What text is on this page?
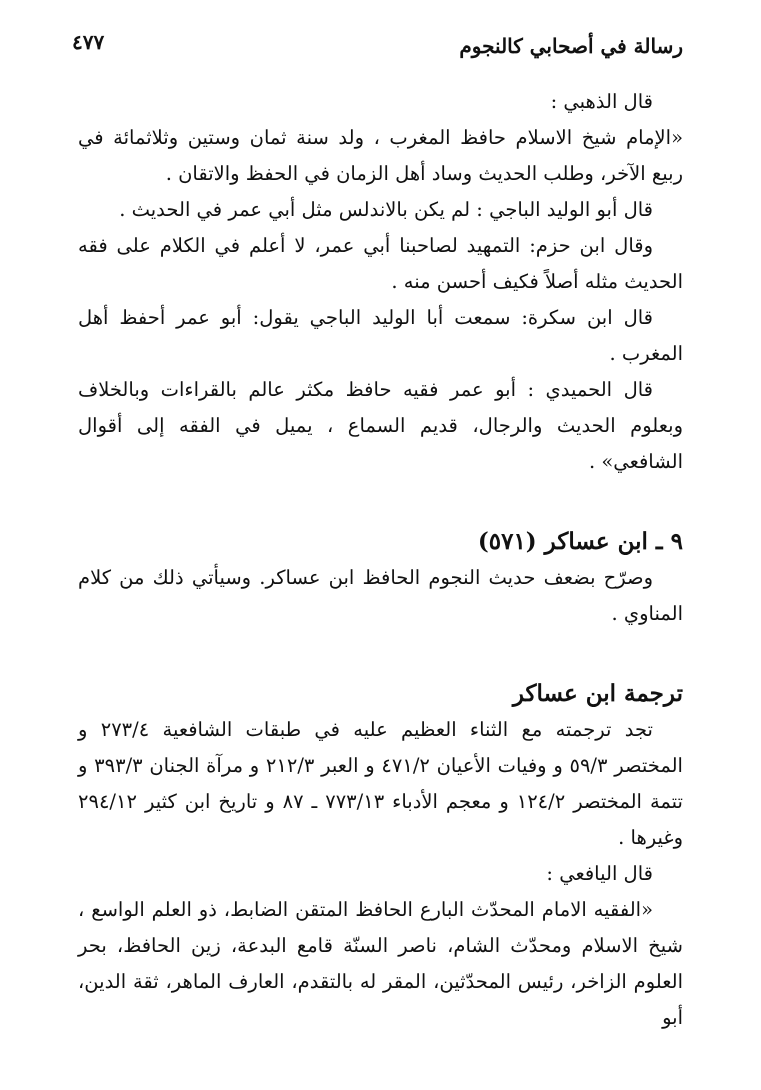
رسالة في أصحابي كالنجوم
٤٧٧

قال الذهبي :

«الإمام شيخ الاسلام حافظ المغرب ، ولد سنة ثمان وستين وثلاثمائة في ربيع الآخر، وطلب الحديث وساد أهل الزمان في الحفظ والاتقان .

قال أبو الوليد الباجي : لم يكن بالاندلس مثل أبي عمر في الحديث .

وقال ابن حزم: التمهيد لصاحبنا أبي عمر، لا أعلم في الكلام على فقه الحديث مثله أصلاً فكيف أحسن منه .

قال ابن سكرة: سمعت أبا الوليد الباجي يقول: أبو عمر أحفظ أهل المغرب .

قال الحميدي : أبو عمر فقيه حافظ مكثر عالم بالقراءات وبالخلاف وبعلوم الحديث والرجال، قديم السماع ، يميل في الفقه إلى أقوال الشافعي» .

٩ ـ ابن عساكر (٥٧١)

وصرّح بضعف حديث النجوم الحافظ ابن عساكر. وسيأتي ذلك من كلام المناوي .

ترجمة ابن عساكر

تجد ترجمته مع الثناء العظيم عليه في طبقات الشافعية ٢٧٣/٤ و المختصر ٥٩/٣ و وفيات الأعيان ٤٧١/٢ و العبر ٢١٢/٣ و مرآة الجنان ٣٩٣/٣ و تتمة المختصر ١٢٤/٢ و معجم الأدباء ٧٧٣/١٣ ـ ٨٧ و تاريخ ابن كثير ٢٩٤/١٢ وغيرها .

قال اليافعي :

«الفقيه الامام المحدّث البارع الحافظ المتقن الضابط، ذو العلم الواسع ، شيخ الاسلام ومحدّث الشام، ناصر السنّة قامع البدعة، زين الحافظ، بحر العلوم الزاخر، رئيس المحدّثين، المقر له بالتقدم، العارف الماهر، ثقة الدين، أبو
